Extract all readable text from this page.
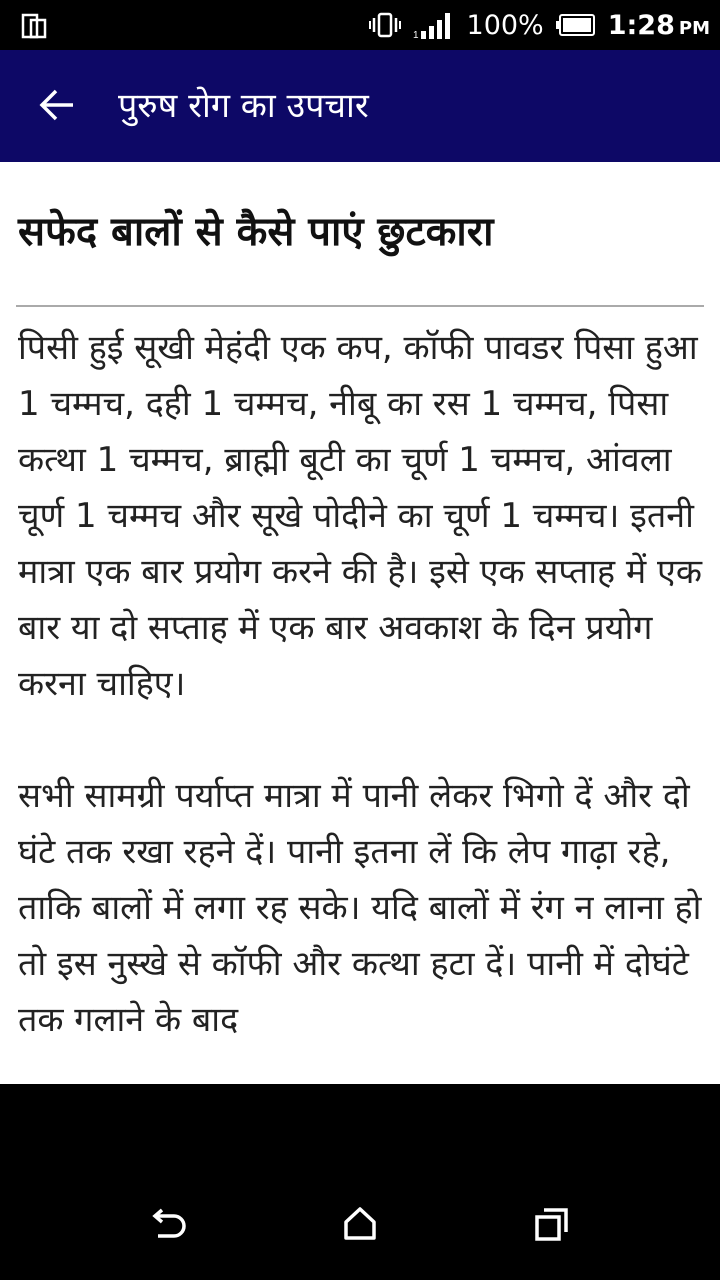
1 100% 1:28 PM
पुरुष रोग का उपचार
सफेद बालों से कैसे पाएं छुटकारा

पिसी हुई सूखी मेहंदी एक कप, कॉफी पावडर पिसा हुआ 1 चम्मच, दही 1 चम्मच, नीबू का रस 1 चम्मच, पिसा कत्था 1 चम्मच, ब्राह्मी बूटी का चूर्ण 1 चम्मच, आंवला चूर्ण 1 चम्मच और सूखे पोदीने का चूर्ण 1 चम्मच। इतनी मात्रा एक बार प्रयोग करने की है। इसे एक सप्ताह में एक बार या दो सप्ताह में एक बार अवकाश के दिन प्रयोग करना चाहिए।

सभी सामग्री पर्याप्त मात्रा में पानी लेकर भिगो दें और दो घंटे तक रखा रहने दें। पानी इतना लें कि लेप गाढ़ा रहे, ताकि बालों में लगा रह सके। यदि बालों में रंग न लाना हो तो इस नुस्खे से कॉफी और कत्था हटा दें। पानी में दोघंटे तक गलाने के बाद
